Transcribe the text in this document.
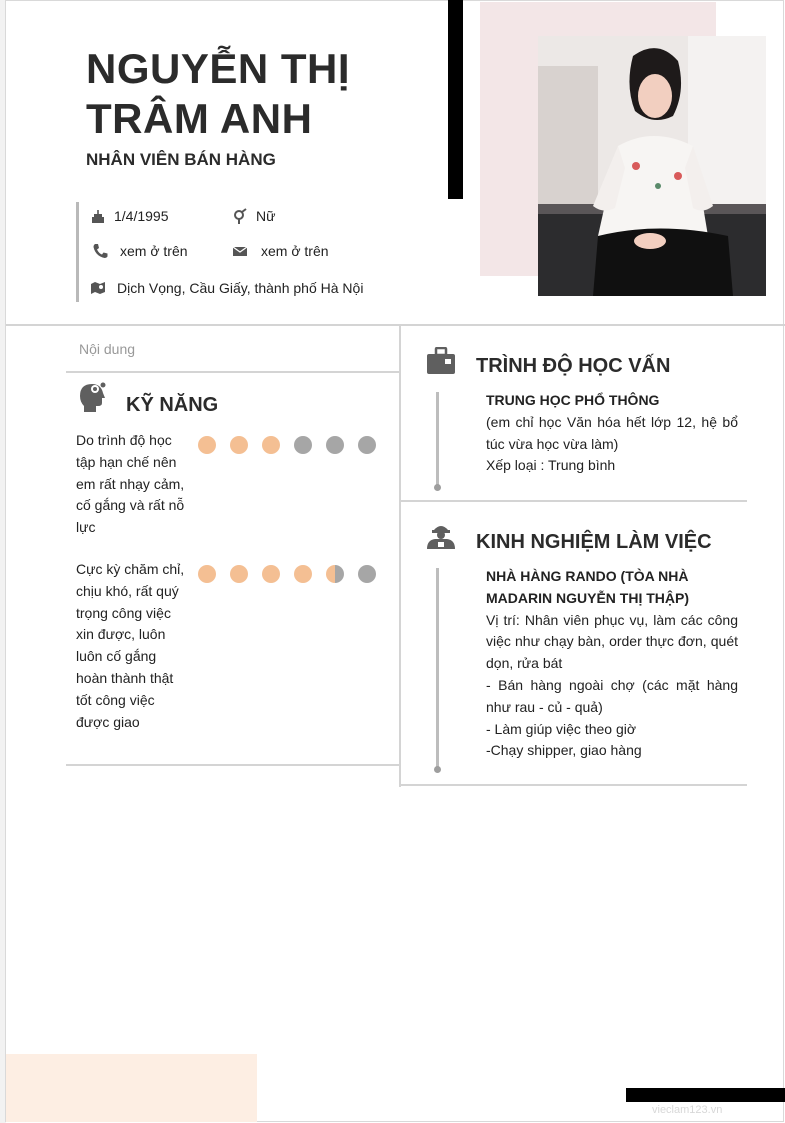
NGUYỄN THỊ
TRÂM ANH
NHÂN VIÊN BÁN HÀNG
1/4/1995	Nữ
xem ở trên	xem ở trên
Dịch Vọng, Cầu Giấy, thành phố Hà Nội
Nội dung
KỸ NĂNG
Do trình độ học tập hạn chế nên em rất nhạy cảm, cố gắng và rất nỗ lực
Cực kỳ chăm chỉ, chịu khó, rất quý trọng công việc xin được, luôn luôn cố gắng hoàn thành thật tốt công việc được giao
TRÌNH ĐỘ HỌC VẤN
TRUNG HỌC PHỔ THÔNG
(em chỉ học Văn hóa hết lớp 12, hệ bổ túc vừa học vừa làm)
Xếp loại : Trung bình
KINH NGHIỆM LÀM VIỆC
NHÀ HÀNG RANDO (TÒA NHÀ MADARIN NGUYỄN THỊ THẬP)
Vị trí: Nhân viên phục vụ, làm các công việc như chạy bàn, order thực đơn, quét dọn, rửa bát
- Bán hàng ngoài chợ (các mặt hàng như rau - củ - quả)
- Làm giúp việc theo giờ
-Chạy shipper, giao hàng
vieclam123.vn
